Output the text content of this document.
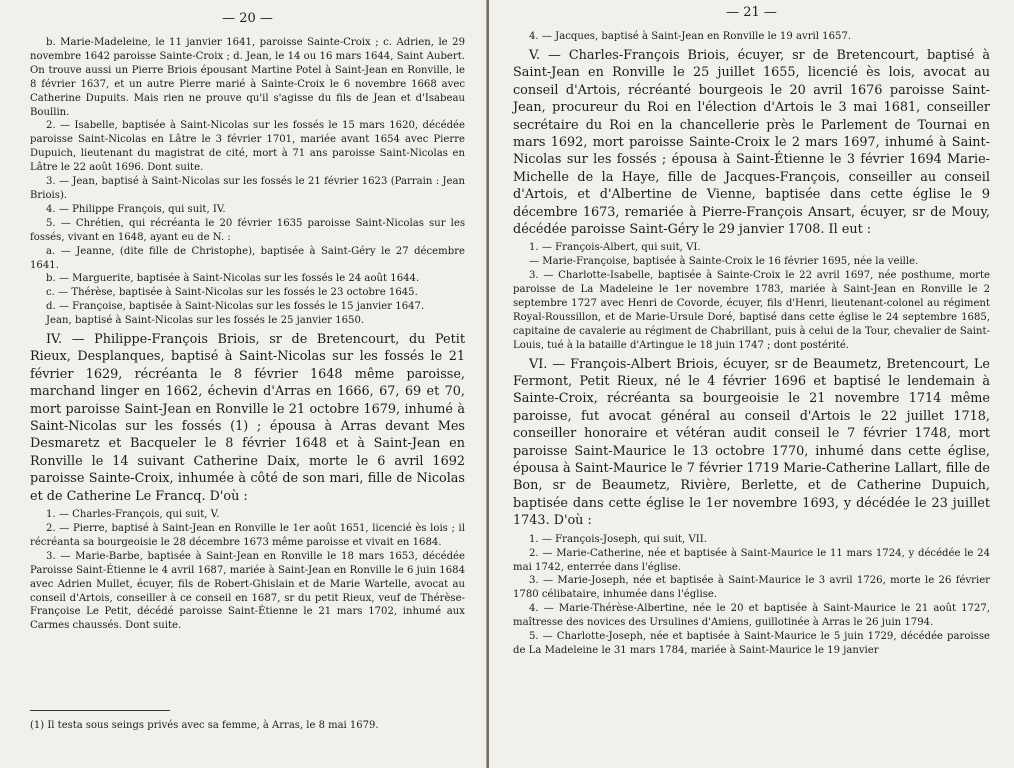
— 20 —

b. Marie-Madeleine, le 11 janvier 1641, paroisse Sainte-Croix ; c. Adrien, le 29 novembre 1642 paroisse Sainte-Croix ; d. Jean, le 14 ou 16 mars 1644, Saint Aubert. On trouve aussi un Pierre Briois épousant Martine Potel à Saint-Jean en Ronville, le 8 février 1637, et un autre Pierre marié à Sainte-Croix le 6 novembre 1668 avec Catherine Dupuits. Mais rien ne prouve qu'il s'agisse du fils de Jean et d'Isabeau Boullin.

2. — Isabelle, baptisée à Saint-Nicolas sur les fossés le 15 mars 1620, décédée paroisse Saint-Nicolas en Lâtre le 3 février 1701, mariée avant 1654 avec Pierre Dupuich, lieutenant du magistrat de cité, mort à 71 ans paroisse Saint-Nicolas en Lâtre le 22 août 1696. Dont suite.

3. — Jean, baptisé à Saint-Nicolas sur les fossés le 21 février 1623 (Parrain : Jean Briois).

4. — Philippe François, qui suit, IV.

5. — Chrétien, qui récréanta le 20 février 1635 paroisse Saint-Nicolas sur les fossés, vivant en 1648, ayant eu de N. :

a. — Jeanne, (dite fille de Christophe), baptisée à Saint-Géry le 27 décembre 1641.

b. — Marguerite, baptisée à Saint-Nicolas sur les fossés le 24 août 1644.

c. — Thérèse, baptisée à Saint-Nicolas sur les fossés le 23 octobre 1645.

d. — Françoise, baptisée à Saint-Nicolas sur les fossés le 15 janvier 1647.

Jean, baptisé à Saint-Nicolas sur les fossés le 25 janvier 1650.

IV. — Philippe-François Briois, sr de Bretencourt, du Petit Rieux, Desplanques, baptisé à Saint-Nicolas sur les fossés le 21 février 1629, récréanta le 8 février 1648 même paroisse, marchand linger en 1662, échevin d'Arras en 1666, 67, 69 et 70, mort paroisse Saint-Jean en Ronville le 21 octobre 1679, inhumé à Saint-Nicolas sur les fossés (1) ; épousa à Arras devant Mes Desmaretz et Bacqueler le 8 février 1648 et à Saint-Jean en Ronville le 14 suivant Catherine Daix, morte le 6 avril 1692 paroisse Sainte-Croix, inhumée à côté de son mari, fille de Nicolas et de Catherine Le Francq. D'où :

1. — Charles-François, qui suit, V.

2. — Pierre, baptisé à Saint-Jean en Ronville le 1er août 1651, licencié ès lois ; il récréanta sa bourgeoisie le 28 décembre 1673 même paroisse et vivait en 1684.

3. — Marie-Barbe, baptisée à Saint-Jean en Ronville le 18 mars 1653, décédée Paroisse Saint-Étienne le 4 avril 1687, mariée à Saint-Jean en Ronville le 6 juin 1684 avec Adrien Mullet, écuyer, fils de Robert-Ghislain et de Marie Wartelle, avocat au conseil d'Artois, conseiller à ce conseil en 1687, sr du petit Rieux, veuf de Thérèse-Françoise Le Petit, décédé paroisse Saint-Étienne le 21 mars 1702, inhumé aux Carmes chaussés. Dont suite.

(1) Il testa sous seings privés avec sa femme, à Arras, le 8 mai 1679.

— 21 —

4. — Jacques, baptisé à Saint-Jean en Ronville le 19 avril 1657.

V. — Charles-François Briois, écuyer, sr de Bretencourt, baptisé à Saint-Jean en Ronville le 25 juillet 1655, licencié ès lois, avocat au conseil d'Artois, récréanté bourgeois le 20 avril 1676 paroisse Saint-Jean, procureur du Roi en l'élection d'Artois le 3 mai 1681, conseiller secrétaire du Roi en la chancellerie près le Parlement de Tournai en mars 1692, mort paroisse Sainte-Croix le 2 mars 1697, inhumé à Saint-Nicolas sur les fossés ; épousa à Saint-Étienne le 3 février 1694 Marie-Michelle de la Haye, fille de Jacques-François, conseiller au conseil d'Artois, et d'Albertine de Vienne, baptisée dans cette église le 9 décembre 1673, remariée à Pierre-François Ansart, écuyer, sr de Mouy, décédée paroisse Saint-Géry le 29 janvier 1708. Il eut :

1. — François-Albert, qui suit, VI.

— Marie-Françoise, baptisée à Sainte-Croix le 16 février 1695, née la veille.

3. — Charlotte-Isabelle, baptisée à Sainte-Croix le 22 avril 1697, née posthume, morte paroisse de La Madeleine le 1er novembre 1783, mariée à Saint-Jean en Ronville le 2 septembre 1727 avec Henri de Covorde, écuyer, fils d'Henri, lieutenant-colonel au régiment Royal-Roussillon, et de Marie-Ursule Doré, baptisé dans cette église le 24 septembre 1685, capitaine de cavalerie au régiment de Chabrillant, puis à celui de la Tour, chevalier de Saint-Louis, tué à la bataille d'Artingue le 18 juin 1747 ; dont postérité.

VI. — François-Albert Briois, écuyer, sr de Beaumetz, Bretencourt, Le Fermont, Petit Rieux, né le 4 février 1696 et baptisé le lendemain à Sainte-Croix, récréanta sa bourgeoisie le 21 novembre 1714 même paroisse, fut avocat général au conseil d'Artois le 22 juillet 1718, conseiller honoraire et vétéran audit conseil le 7 février 1748, mort paroisse Saint-Maurice le 13 octobre 1770, inhumé dans cette église, épousa à Saint-Maurice le 7 février 1719 Marie-Catherine Lallart, fille de Bon, sr de Beaumetz, Rivière, Berlette, et de Catherine Dupuich, baptisée dans cette église le 1er novembre 1693, y décédée le 23 juillet 1743. D'où :

1. — François-Joseph, qui suit, VII.

2. — Marie-Catherine, née et baptisée à Saint-Maurice le 11 mars 1724, y décédée le 24 mai 1742, enterrée dans l'église.

3. — Marie-Joseph, née et baptisée à Saint-Maurice le 3 avril 1726, morte le 26 février 1780 célibataire, inhumée dans l'église.

4. — Marie-Thérèse-Albertine, née le 20 et baptisée à Saint-Maurice le 21 août 1727, maîtresse des novices des Ursulines d'Amiens, guillotinée à Arras le 26 juin 1794.

5. — Charlotte-Joseph, née et baptisée à Saint-Maurice le 5 juin 1729, décédée paroisse de La Madeleine le 31 mars 1784, mariée à Saint-Maurice le 19 janvier
